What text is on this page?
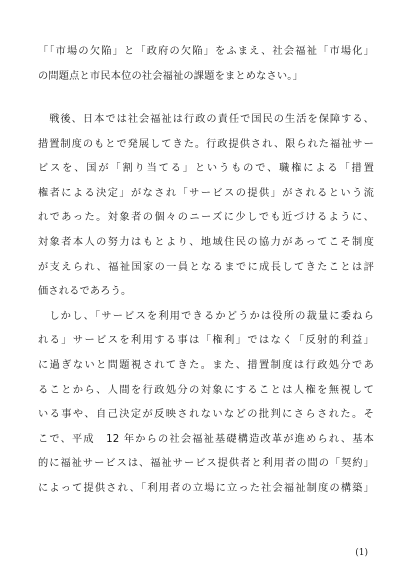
「「市場の欠陥」と「政府の欠陥」をふまえ、社会福祉「市場化」
の問題点と市民本位の社会福祉の課題をまとめなさい。」
　戦後、日本では社会福祉は行政の責任で国民の生活を保障する、
措置制度のもとで発展してきた。行政提供され、限られた福祉サー
ビスを、国が「割り当てる」というもので、職権による「措置
権者による決定」がなされ「サービスの提供」がされるという流
れであった。対象者の個々のニーズに少しでも近づけるように、
対象者本人の努力はもとより、地域住民の協力があってこそ制度
が支えられ、福祉国家の一員となるまでに成長してきたことは評
価されるであろう。
　しかし、｢サービスを利用できるかどうかは役所の裁量に委ねら
れる」サービスを利用する事は「権利」ではなく「反射的利益」
に過ぎないと問題視されてきた。また、措置制度は行政処分であ
ることから、人間を行政処分の対象にすることは人権を無視して
いる事や、自己決定が反映されないなどの批判にさらされた。そ
こで、平成　12 年からの社会福祉基礎構造改革が進められ、基本
的に福祉サービスは、福祉サービス提供者と利用者の間の「契約」
によって提供され、｢利用者の立場に立った社会福祉制度の構築」
(1)
